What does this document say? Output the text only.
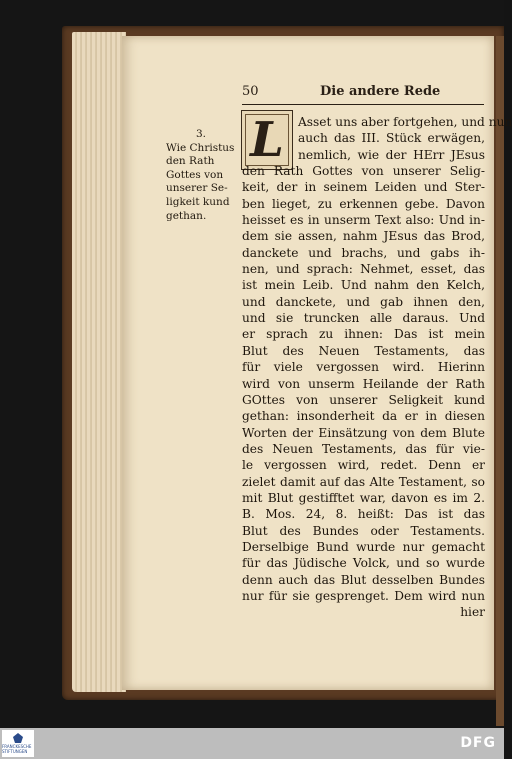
50	Die andere Rede
3.
Wie Christus
den Rath
Gottes von
unserer Se-
ligkeit kund
gethan.
L	Asset uns aber fortgehen, und nun
auch das III. Stück erwägen,
nemlich, wie der HErr JEsus
den Rath Gottes von unserer Selig-
keit, der in seinem Leiden und Ster-
ben lieget, zu erkennen gebe. Davon
heisset es in unserm Text also: Und in-
dem sie assen, nahm JEsus das Brod,
danckete und brachs, und gabs ih-
nen, und sprach: Nehmet, esset, das
ist mein Leib. Und nahm den Kelch,
und danckete, und gab ihnen den,
und sie truncken alle daraus. Und
er sprach zu ihnen: Das ist mein
Blut des Neuen Testaments, das
für viele vergossen wird. Hierinn
wird von unserm Heilande der Rath
GOttes von unserer Seligkeit kund
gethan: insonderheit da er in diesen
Worten der Einsätzung von dem Blute
des Neuen Testaments, das für vie-
le vergossen wird, redet. Denn er
zielet damit auf das Alte Testament, so
mit Blut gestifftet war, davon es im 2.
B. Mos. 24, 8. heißt: Das ist das
Blut des Bundes oder Testaments.
Derselbige Bund wurde nur gemacht
für das Jüdische Volck, und so wurde
denn auch das Blut desselben Bundes
nur für sie gesprenget. Dem wird nun
hier
FRANCKESCHE STIFTUNGEN
DFG
